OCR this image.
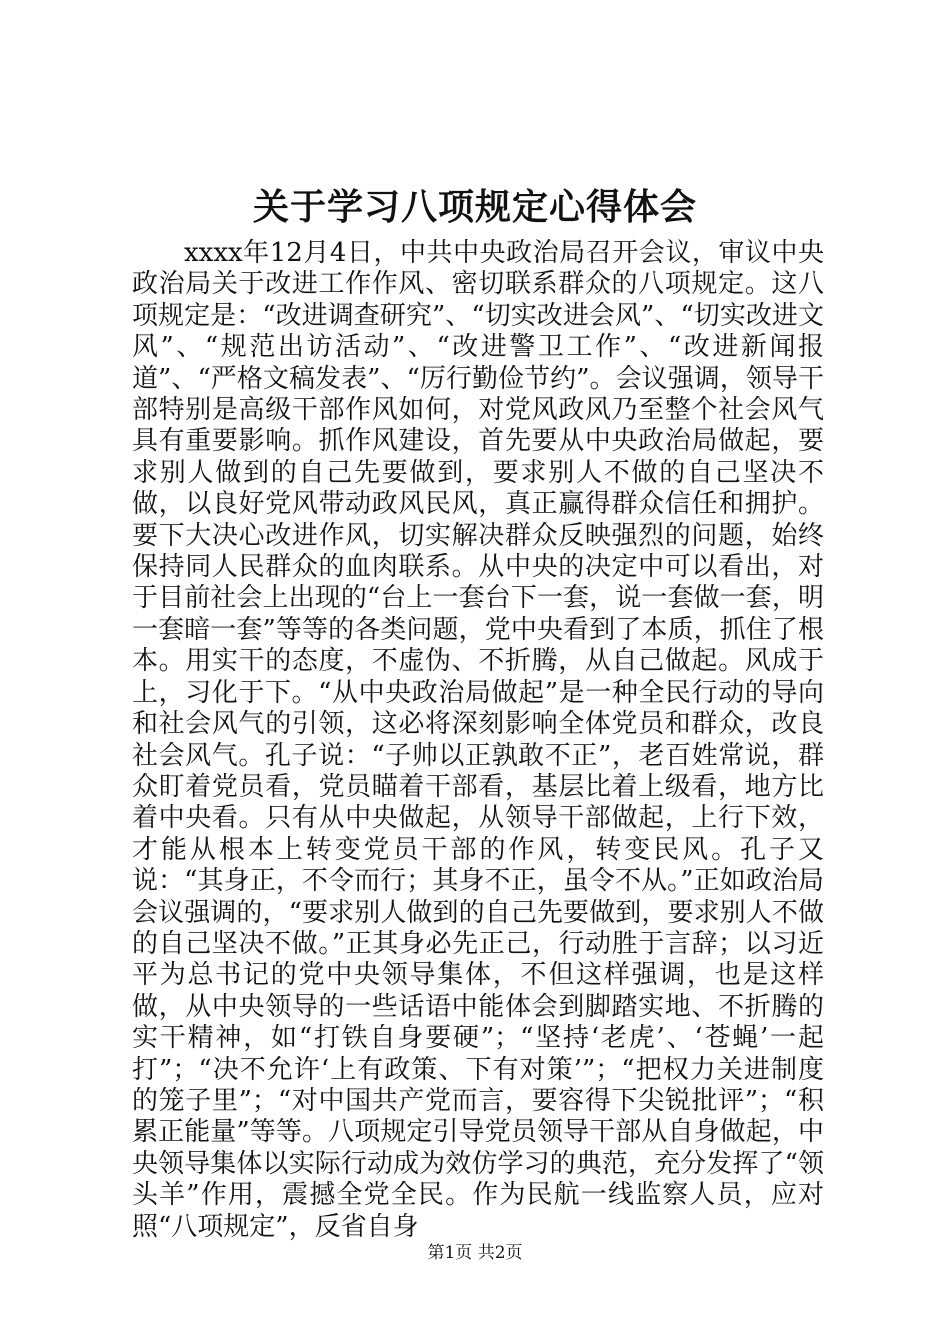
关于学习八项规定心得体会

xxxx年12月4日，中共中央政治局召开会议，审议中央政治局关于改进工作作风、密切联系群众的八项规定。这八项规定是：“改进调查研究”、“切实改进会风”、“切实改进文风”、“规范出访活动”、“改进警卫工作”、“改进新闻报道”、“严格文稿发表”、“厉行勤俭节约”。会议强调，领导干部特别是高级干部作风如何，对党风政风乃至整个社会风气具有重要影响。抓作风建设，首先要从中央政治局做起，要求别人做到的自己先要做到，要求别人不做的自己坚决不做，以良好党风带动政风民风，真正赢得群众信任和拥护。要下大决心改进作风，切实解决群众反映强烈的问题，始终保持同人民群众的血肉联系。从中央的决定中可以看出，对于目前社会上出现的“台上一套台下一套，说一套做一套，明一套暗一套”等等的各类问题，党中央看到了本质，抓住了根本。用实干的态度，不虚伪、不折腾，从自己做起。风成于上，习化于下。“从中央政治局做起”是一种全民行动的导向和社会风气的引领，这必将深刻影响全体党员和群众，改良社会风气。孔子说：“子帅以正孰敢不正”，老百姓常说，群众盯着党员看，党员瞄着干部看，基层比着上级看，地方比着中央看。只有从中央做起，从领导干部做起，上行下效，才能从根本上转变党员干部的作风，转变民风。孔子又说：“其身正，不令而行；其身不正，虽令不从。”正如政治局会议强调的，“要求别人做到的自己先要做到，要求别人不做的自己坚决不做。”正其身必先正己，行动胜于言辞；以习近平为总书记的党中央领导集体，不但这样强调，也是这样做，从中央领导的一些话语中能体会到脚踏实地、不折腾的实干精神，如“打铁自身要硬”；“坚持‘老虎’、‘苍蝇’一起打”；“决不允许‘上有政策、下有对策’”；“把权力关进制度的笼子里”；“对中国共产党而言，要容得下尖锐批评”；“积累正能量”等等。八项规定引导党员领导干部从自身做起，中央领导集体以实际行动成为效仿学习的典范，充分发挥了“领头羊”作用，震撼全党全民。作为民航一线监察人员，应对照“八项规定”，反省自身

第1页 共2页
